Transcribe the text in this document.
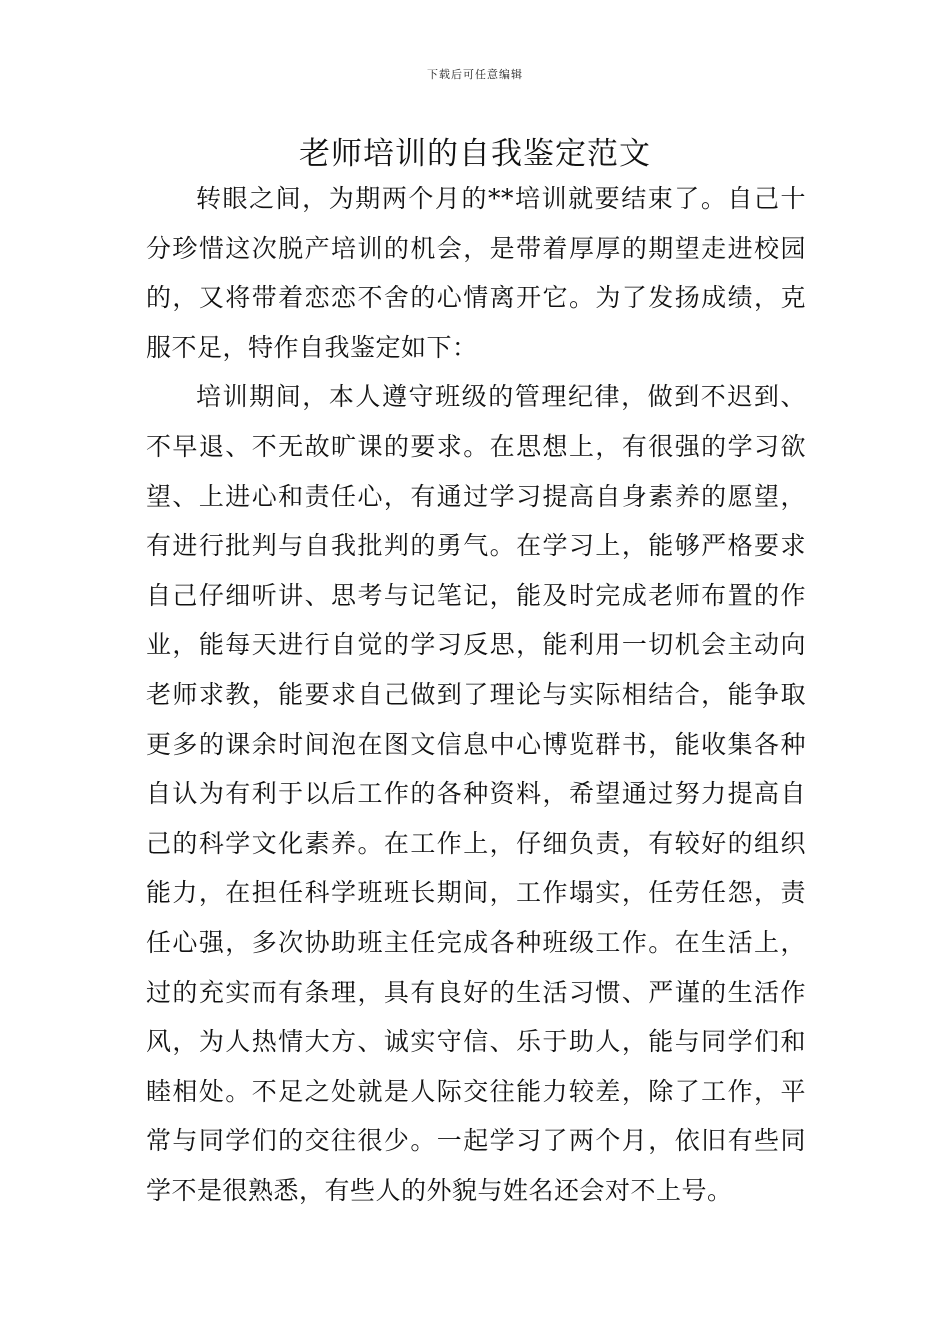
下载后可任意编辑
老师培训的自我鉴定范文

转眼之间，为期两个月的**培训就要结束了。自己十分珍惜这次脱产培训的机会，是带着厚厚的期望走进校园的，又将带着恋恋不舍的心情离开它。为了发扬成绩，克服不足，特作自我鉴定如下：

培训期间，本人遵守班级的管理纪律，做到不迟到、不早退、不无故旷课的要求。在思想上，有很强的学习欲望、上进心和责任心，有通过学习提高自身素养的愿望，有进行批判与自我批判的勇气。在学习上，能够严格要求自己仔细听讲、思考与记笔记，能及时完成老师布置的作业，能每天进行自觉的学习反思，能利用一切机会主动向老师求教，能要求自己做到了理论与实际相结合，能争取更多的课余时间泡在图文信息中心博览群书，能收集各种自认为有利于以后工作的各种资料，希望通过努力提高自己的科学文化素养。在工作上，仔细负责，有较好的组织能力，在担任科学班班长期间，工作塌实，任劳任怨，责任心强，多次协助班主任完成各种班级工作。在生活上，过的充实而有条理，具有良好的生活习惯、严谨的生活作风，为人热情大方、诚实守信、乐于助人，能与同学们和睦相处。不足之处就是人际交往能力较差，除了工作，平常与同学们的交往很少。一起学习了两个月，依旧有些同学不是很熟悉，有些人的外貌与姓名还会对不上号。
